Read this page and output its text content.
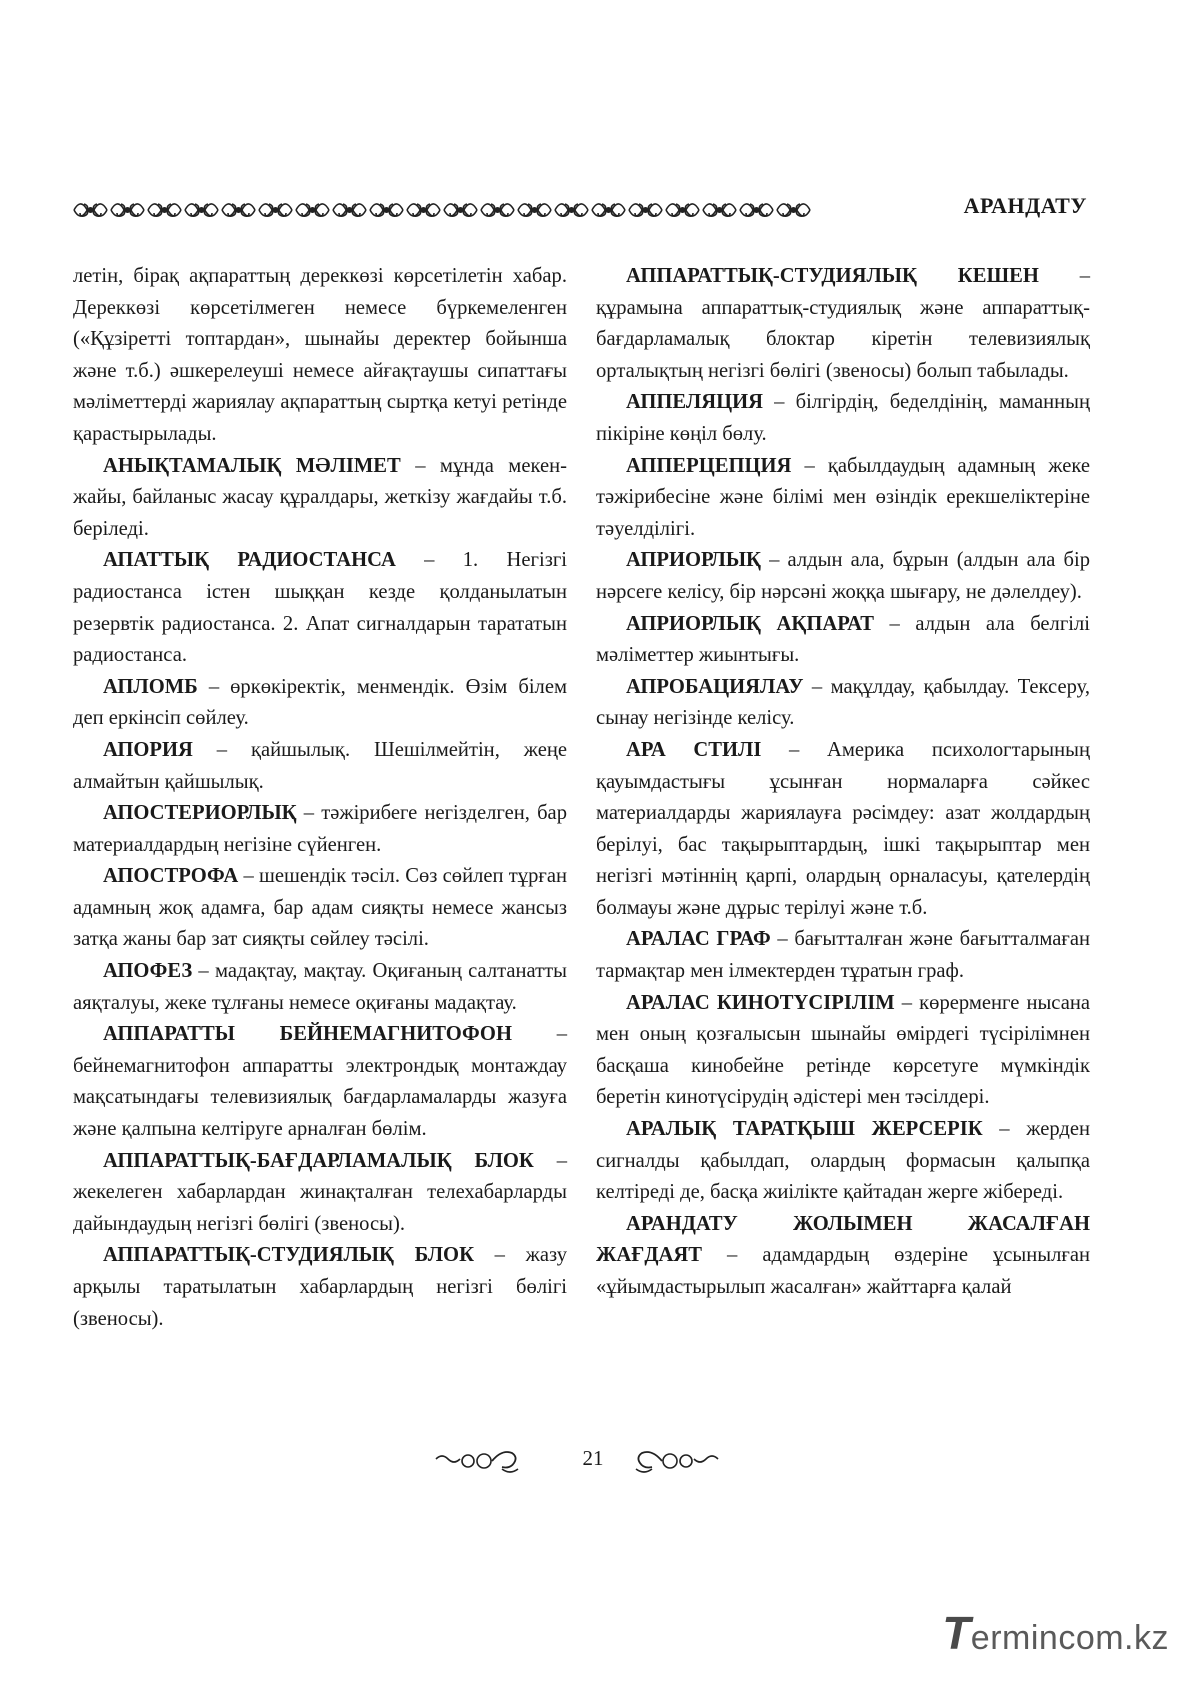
АРАНДАТУ

летін, бірақ ақпараттың дереккөзі көрсетілетін хабар. Дереккөзі көрсетілмеген немесе бүркемеленген («Құзіретті топтардан», шынайы деректер бойынша және т.б.) әшкерелеуші немесе айғақтаушы сипаттағы мәліметтерді жариялау ақпараттың сыртқа кетуі ретінде қарастырылады.

АНЫҚТАМАЛЫҚ МӘЛІМЕТ – мұнда мекен-жайы, байланыс жасау құралдары, жеткізу жағдайы т.б. беріледі.

АПАТТЫҚ РАДИОСТАНСА – 1. Негізгі радиостанса істен шыққан кезде қолданылатын резервтік радиостанса. 2. Апат сигналдарын тарататын радиостанса.

АПЛОМБ – өркөкіректік, менмендік. Өзім білем деп еркінсіп сөйлеу.

АПОРИЯ – қайшылық. Шешілмейтін, жеңе алмайтын қайшылық.

АПОСТЕРИОРЛЫҚ – тәжірибеге негізделген, бар материалдардың негізіне сүйенген.

АПОСТРОФА – шешендік тәсіл. Сөз сөйлеп тұрған адамның жоқ адамға, бар адам сияқты немесе жансыз затқа жаны бар зат сияқты сөйлеу тәсілі.

АПОФЕЗ – мадақтау, мақтау. Оқиғаның салтанатты аяқталуы, жеке тұлғаны немесе оқиғаны мадақтау.

АППАРАТТЫ БЕЙНЕМАГНИТОФОН – бейнемагнитофон аппаратты электрондық монтаждау мақсатындағы телевизиялық бағдарламаларды жазуға және қалпына келтіруге арналған бөлім.

АППАРАТТЫҚ-БАҒДАРЛАМАЛЫҚ БЛОК – жекелеген хабарлардан жинақталған телехабарларды дайындаудың негізгі бөлігі (звеносы).

АППАРАТТЫҚ-СТУДИЯЛЫҚ БЛОК – жазу арқылы таратылатын хабарлардың негізгі бөлігі (звеносы).

АППАРАТТЫҚ-СТУДИЯЛЫҚ КЕШЕН – құрамына аппараттық-студиялық және аппараттық-бағдарламалық блоктар кіретін телевизиялық орталықтың негізгі бөлігі (звеносы) болып табылады.

АППЕЛЯЦИЯ – білгірдің, беделдінің, маманның пікіріне көңіл бөлу.

АППЕРЦЕПЦИЯ – қабылдаудың адамның жеке тәжірибесіне және білімі мен өзіндік ерекшеліктеріне тәуелділігі.

АПРИОРЛЫҚ – алдын ала, бұрын (алдын ала бір нәрсеге келісу, бір нәрсәні жоққа шығару, не дәлелдеу).

АПРИОРЛЫҚ АҚПАРАТ – алдын ала белгілі мәліметтер жиынтығы.

АПРОБАЦИЯЛАУ – мақұлдау, қабылдау. Тексеру, сынау негізінде келісу.

АРА СТИЛІ – Америка психологтарының қауымдастығы ұсынған нормаларға сәйкес материалдарды жариялауға рәсімдеу: азат жолдардың берілуі, бас тақырыптардың, ішкі тақырыптар мен негізгі мәтіннің қарпі, олардың орналасуы, қателердің болмауы және дұрыс терілуі және т.б.

АРАЛАС ГРАФ – бағытталған және бағытталмаған тармақтар мен ілмектерден тұратын граф.

АРАЛАС КИНОТҮСІРІЛІМ – көрерменге нысана мен оның қозғалысын шынайы өмірдегі түсірілімнен басқаша кинобейне ретінде көрсетуге мүмкіндік беретін кинотүсірудің әдістері мен тәсілдері.

АРАЛЫҚ ТАРАТҚЫШ ЖЕРСЕРІК – жерден сигналды қабылдап, олардың формасын қалыпқа келтіреді де, басқа жиілікте қайтадан жерге жібереді.

АРАНДАТУ ЖОЛЫМЕН ЖАСАЛҒАН ЖАҒДАЯТ – адамдардың өздеріне ұсынылған «ұйымдастырылып жасалған» жайттарға қалай

21
Termincom.kz
